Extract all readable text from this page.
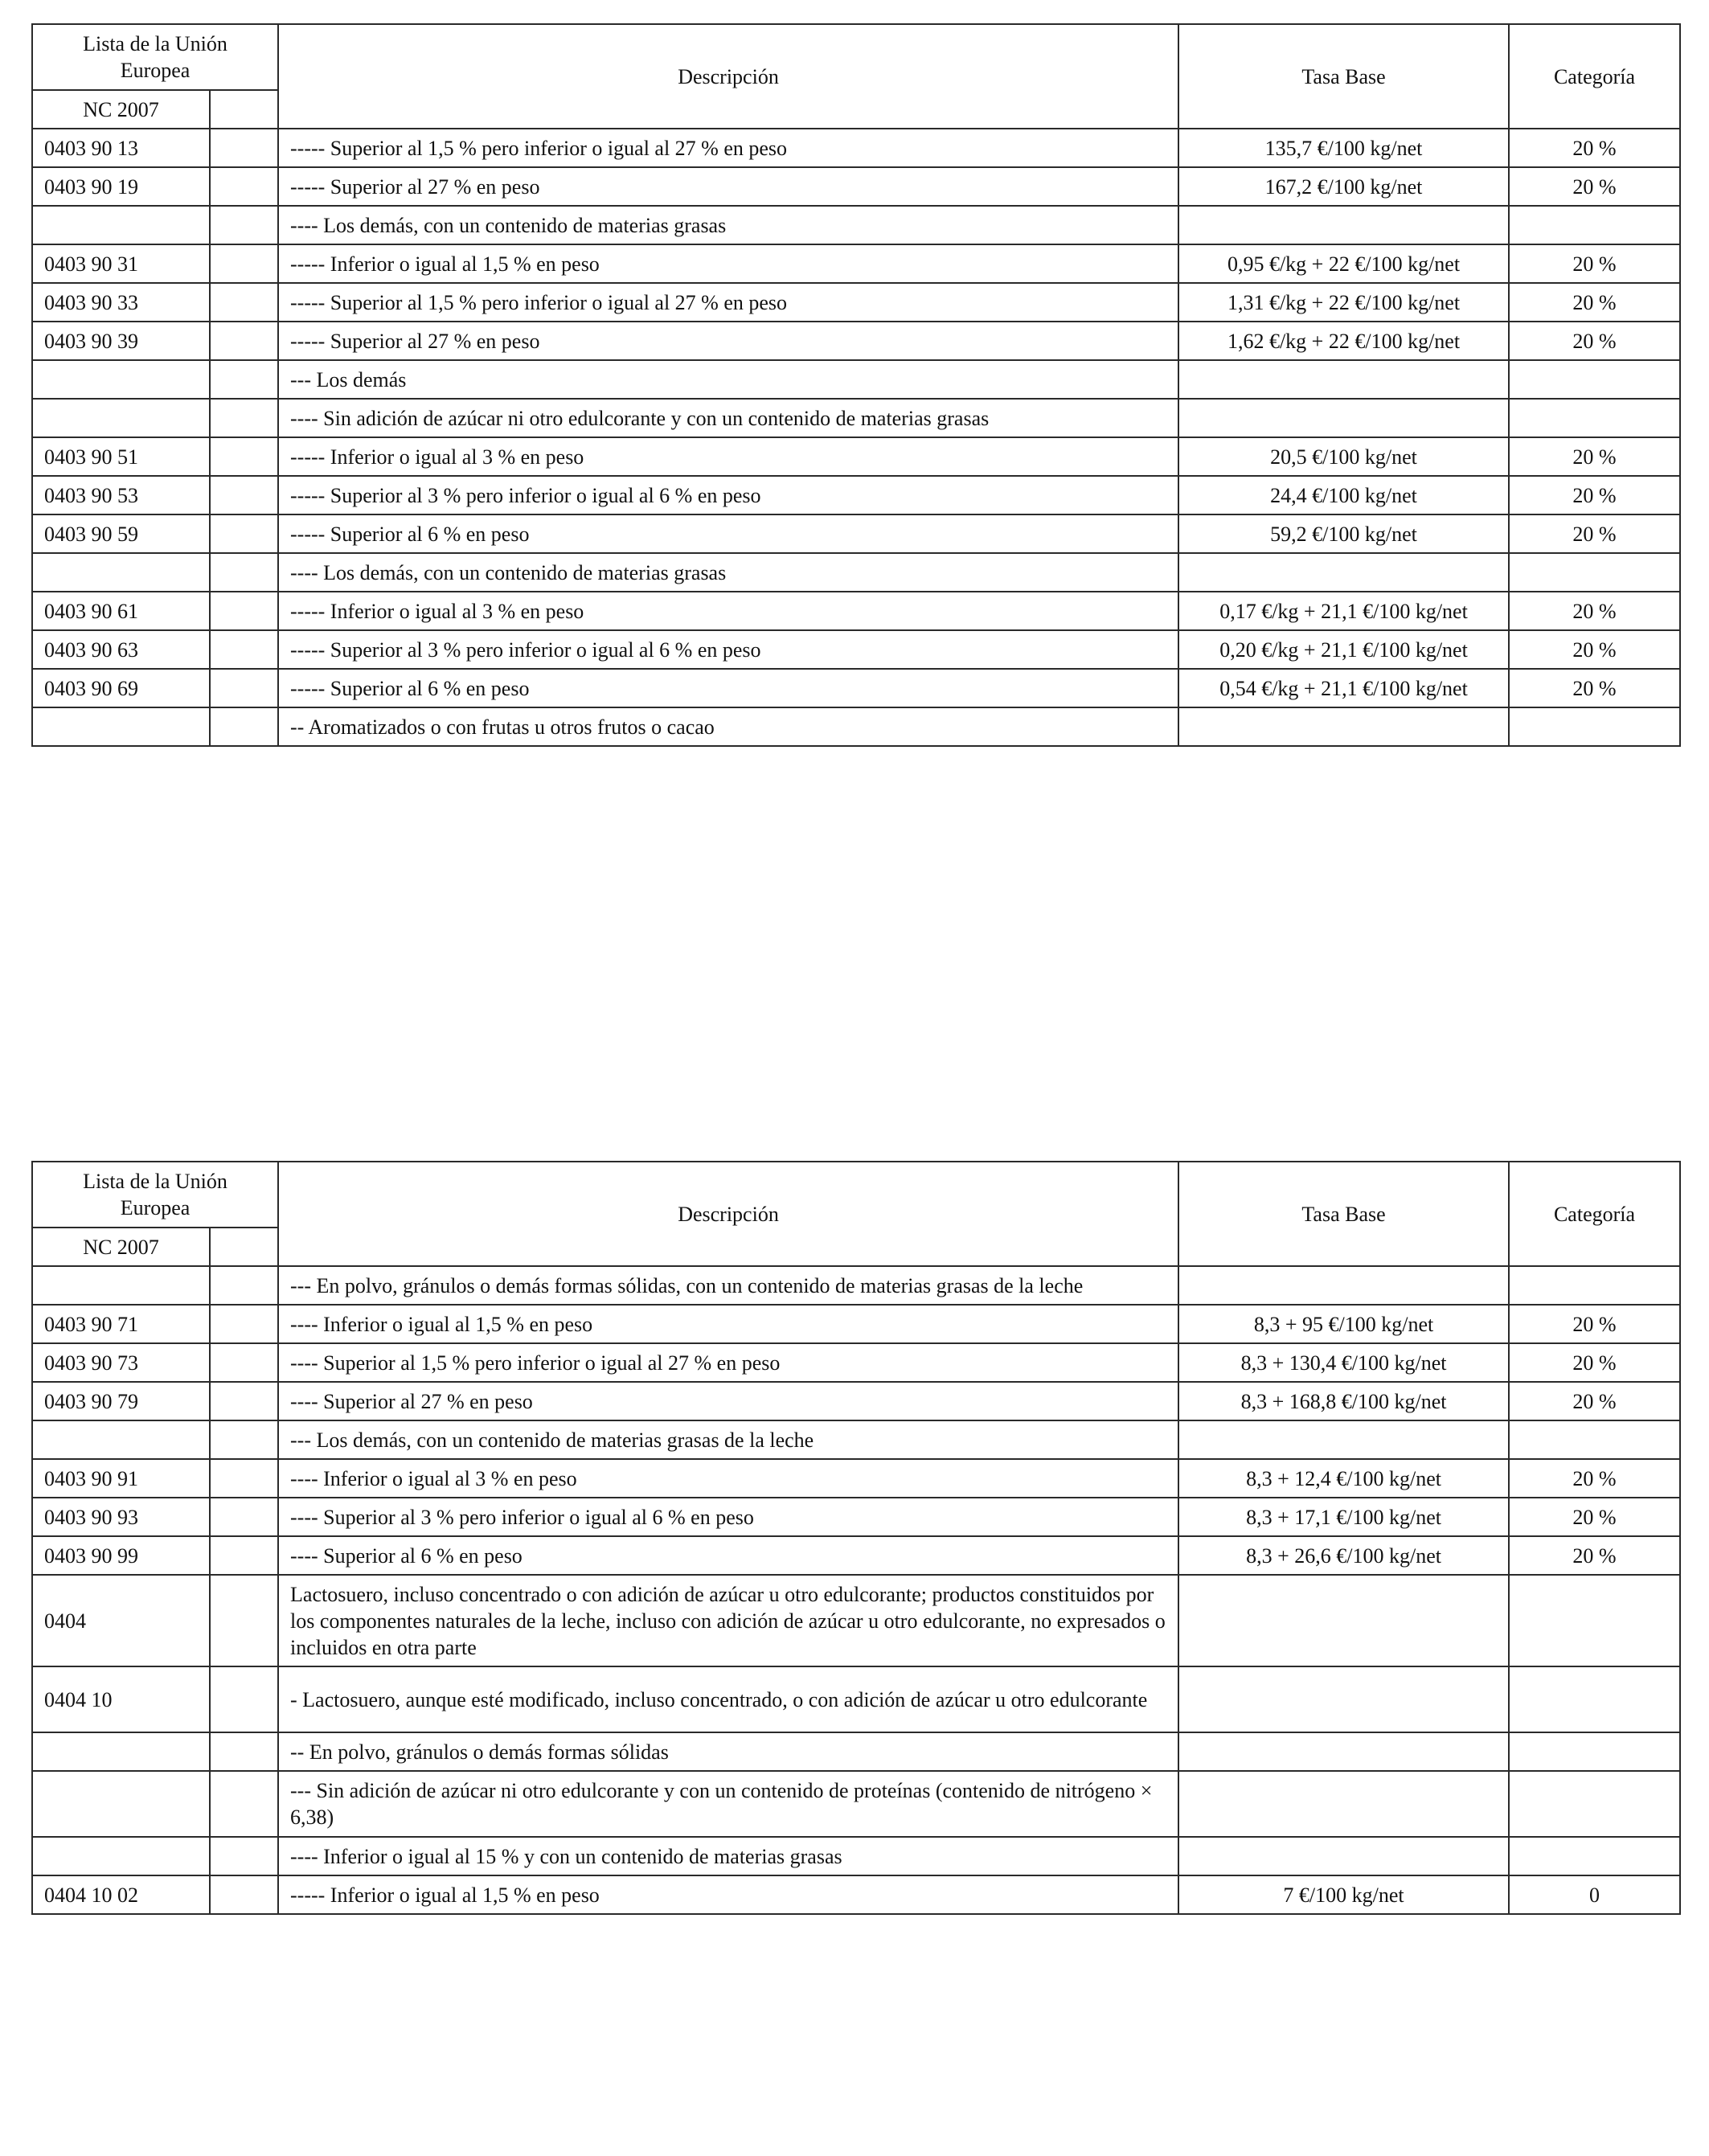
Lista de la Unión Europea		Descripción	Tasa Base	Categoría
NC 2007				
0403 90 13		----- Superior al 1,5 % pero inferior o igual al 27 % en peso	135,7 €/100 kg/net	20 %
0403 90 19		----- Superior al 27 % en peso	167,2 €/100 kg/net	20 %
		---- Los demás, con un contenido de materias grasas		
0403 90 31		----- Inferior o igual al 1,5 % en peso	0,95 €/kg + 22 €/100 kg/net	20 %
0403 90 33		----- Superior al 1,5 % pero inferior o igual al 27 % en peso	1,31 €/kg + 22 €/100 kg/net	20 %
0403 90 39		----- Superior al 27 % en peso	1,62 €/kg + 22 €/100 kg/net	20 %
		--- Los demás		
		---- Sin adición de azúcar ni otro edulcorante y con un contenido de materias grasas		
0403 90 51		----- Inferior o igual al 3 % en peso	20,5 €/100 kg/net	20 %
0403 90 53		----- Superior al 3 % pero inferior o igual al 6 % en peso	24,4 €/100 kg/net	20 %
0403 90 59		----- Superior al 6 % en peso	59,2 €/100 kg/net	20 %
		---- Los demás, con un contenido de materias grasas		
0403 90 61		----- Inferior o igual al 3 % en peso	0,17 €/kg + 21,1 €/100 kg/net	20 %
0403 90 63		----- Superior al 3 % pero inferior o igual al 6 % en peso	0,20 €/kg + 21,1 €/100 kg/net	20 %
0403 90 69		----- Superior al 6 % en peso	0,54 €/kg + 21,1 €/100 kg/net	20 %
		-- Aromatizados o con frutas u otros frutos o cacao		
Lista de la Unión Europea		Descripción	Tasa Base	Categoría
NC 2007				
		--- En polvo, gránulos o demás formas sólidas, con un contenido de materias grasas de la leche		
0403 90 71		---- Inferior o igual al 1,5 % en peso	8,3 + 95 €/100 kg/net	20 %
0403 90 73		---- Superior al 1,5 % pero inferior o igual al 27 % en peso	8,3 + 130,4 €/100 kg/net	20 %
0403 90 79		---- Superior al 27 % en peso	8,3 + 168,8 €/100 kg/net	20 %
		--- Los demás, con un contenido de materias grasas de la leche		
0403 90 91		---- Inferior o igual al 3 % en peso	8,3 + 12,4 €/100 kg/net	20 %
0403 90 93		---- Superior al 3 % pero inferior o igual al 6 % en peso	8,3 + 17,1 €/100 kg/net	20 %
0403 90 99		---- Superior al 6 % en peso	8,3 + 26,6 €/100 kg/net	20 %
0404		Lactosuero, incluso concentrado o con adición de azúcar u otro edulcorante; productos constituidos por los componentes naturales de la leche, incluso con adición de azúcar u otro edulcorante, no expresados o incluidos en otra parte		
0404 10		- Lactosuero, aunque esté modificado, incluso concentrado, o con adición de azúcar u otro edulcorante		
		-- En polvo, gránulos o demás formas sólidas		
		--- Sin adición de azúcar ni otro edulcorante y con un contenido de proteínas (contenido de nitrógeno × 6,38)		
		---- Inferior o igual al 15 % y con un contenido de materias grasas		
0404 10 02		----- Inferior o igual al 1,5 % en peso	7 €/100 kg/net	0
